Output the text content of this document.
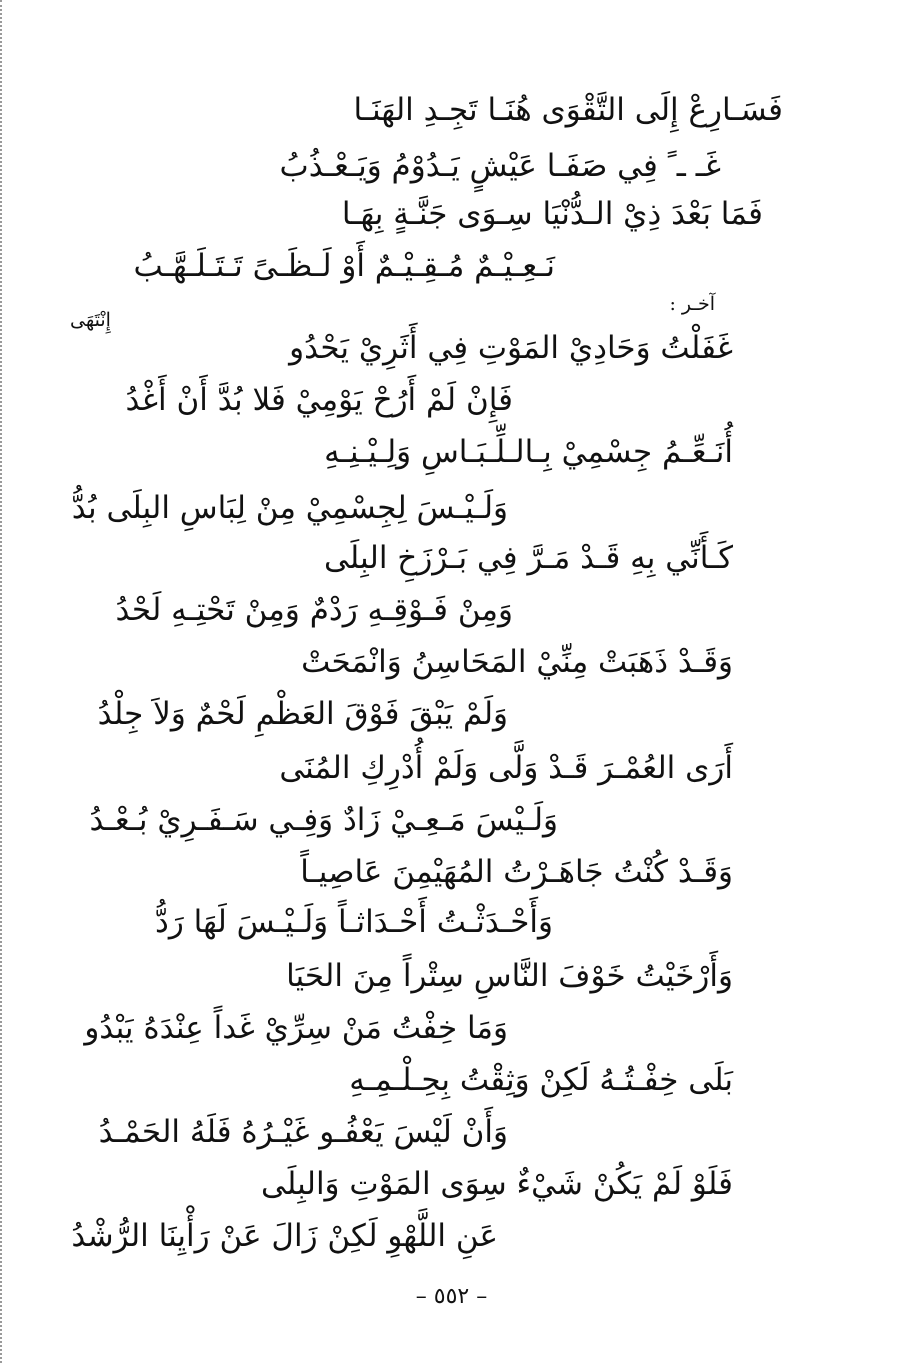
فَسَـارِعْ إِلَى التَّقْوَى هُنَـا تَجِـدِ الهَنَـا
غَـ ـ ً فِي صَفَـا عَيْشٍ يَـدُوْمُ وَيَـعْـذُبُ
فَمَا بَعْدَ ذِيْ الـدُّنْيَا سِـوَى جَنَّـةٍ بِهَـا
نَـعِـيْـمٌ مُـقِـيْـمٌ أَوْ لَـظَـىً تَـتَـلَـهَّـبُ
آخـر :
إِنْتَهَى
غَفَلْتُ وَحَادِيْ المَوْتِ فِي أَثَرِيْ يَحْدُو
فَإِنْ لَمْ أَرُحْ يَوْمِيْ فَلا بُدَّ أَنْ أَغْدُ
أُنَـعِّـمُ جِسْمِيْ بِـالـلِّـبَـاسِ وَلِـيْـنِـهِ
وَلَـيْـسَ لِجِسْمِيْ مِنْ لِبَاسِ البِلَى بُدُّ
كَـأَنِّي بِهِ قَـدْ مَـرَّ فِي بَـرْزَخِ البِلَى
وَمِنْ فَـوْقِـهِ رَدْمٌ وَمِنْ تَحْتِـهِ لَحْدُ
وَقَـدْ ذَهَبَتْ مِنِّيْ المَحَاسِنُ وَانْمَحَتْ
وَلَمْ يَبْقَ فَوْقَ العَظْمِ لَحْمٌ وَلاَ جِلْدُ
أَرَى العُمْـرَ قَـدْ وَلَّى وَلَمْ أُدْرِكِ المُنَى
وَلَـيْسَ مَـعِـيْ زَادٌ وَفِـي سَـفَـرِيْ بُـعْـدُ
وَقَـدْ كُنْتُ جَاهَـرْتُ المُهَيْمِنَ عَاصِيـاً
وَأَحْـدَثْـتُ أَحْـدَاثـاً وَلَـيْـسَ لَهَا رَدُّ
وَأَرْخَيْتُ خَوْفَ النَّاسِ سِتْراً مِنَ الحَيَا
وَمَا خِفْتُ مَنْ سِرِّيْ غَداً عِنْدَهُ يَبْدُو
بَلَى خِفْـتُـهُ لَكِنْ وَثِقْتُ بِحِـلْـمِـهِ
وَأَنْ لَيْسَ يَعْفُـو غَيْـرُهُ فَلَهُ الحَمْـدُ
فَلَوْ لَمْ يَكُنْ شَيْءٌ سِوَى المَوْتِ وَالبِلَى
عَنِ اللَّهْوِ لَكِنْ زَالَ عَنْ رَأْيِنَا الرُّشْدُ
– ٥٥٢ –
